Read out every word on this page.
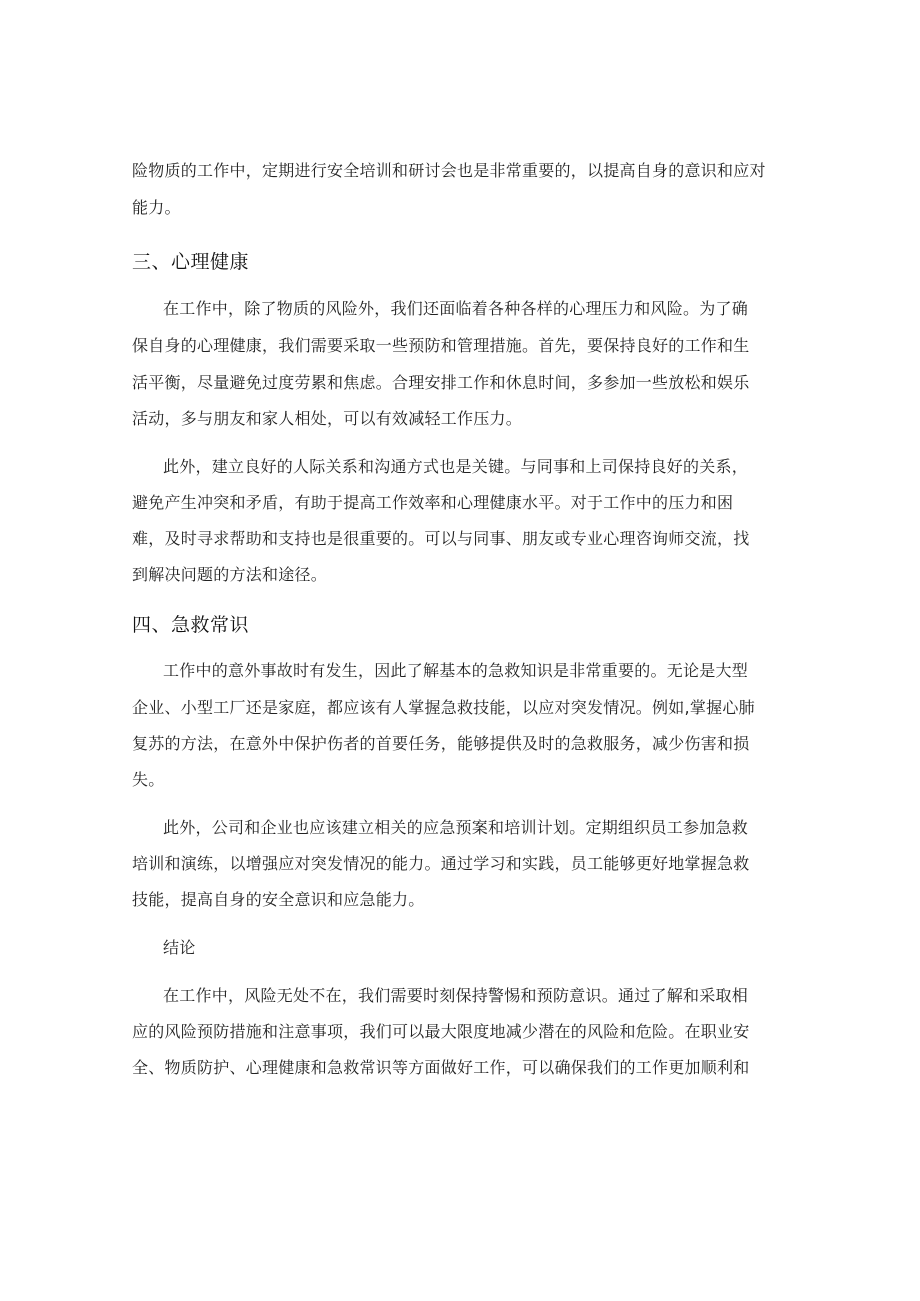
险物质的工作中，定期进行安全培训和研讨会也是非常重要的，以提高自身的意识和应对

能力。

三、心理健康

在工作中，除了物质的风险外，我们还面临着各种各样的心理压力和风险。为了确

保自身的心理健康，我们需要采取一些预防和管理措施。首先，要保持良好的工作和生

活平衡，尽量避免过度劳累和焦虑。合理安排工作和休息时间，多参加一些放松和娱乐

活动，多与朋友和家人相处，可以有效减轻工作压力。

此外，建立良好的人际关系和沟通方式也是关键。与同事和上司保持良好的关系，

避免产生冲突和矛盾，有助于提高工作效率和心理健康水平。对于工作中的压力和困

难，及时寻求帮助和支持也是很重要的。可以与同事、朋友或专业心理咨询师交流，找

到解决问题的方法和途径。

四、急救常识

工作中的意外事故时有发生，因此了解基本的急救知识是非常重要的。无论是大型

企业、小型工厂还是家庭，都应该有人掌握急救技能，以应对突发情况。例如,掌握心肺

复苏的方法，在意外中保护伤者的首要任务，能够提供及时的急救服务，减少伤害和损

失。

此外，公司和企业也应该建立相关的应急预案和培训计划。定期组织员工参加急救

培训和演练，以增强应对突发情况的能力。通过学习和实践，员工能够更好地掌握急救

技能，提高自身的安全意识和应急能力。

结论

在工作中，风险无处不在，我们需要时刻保持警惕和预防意识。通过了解和采取相

应的风险预防措施和注意事项，我们可以最大限度地减少潜在的风险和危险。在职业安

全、物质防护、心理健康和急救常识等方面做好工作，可以确保我们的工作更加顺利和
